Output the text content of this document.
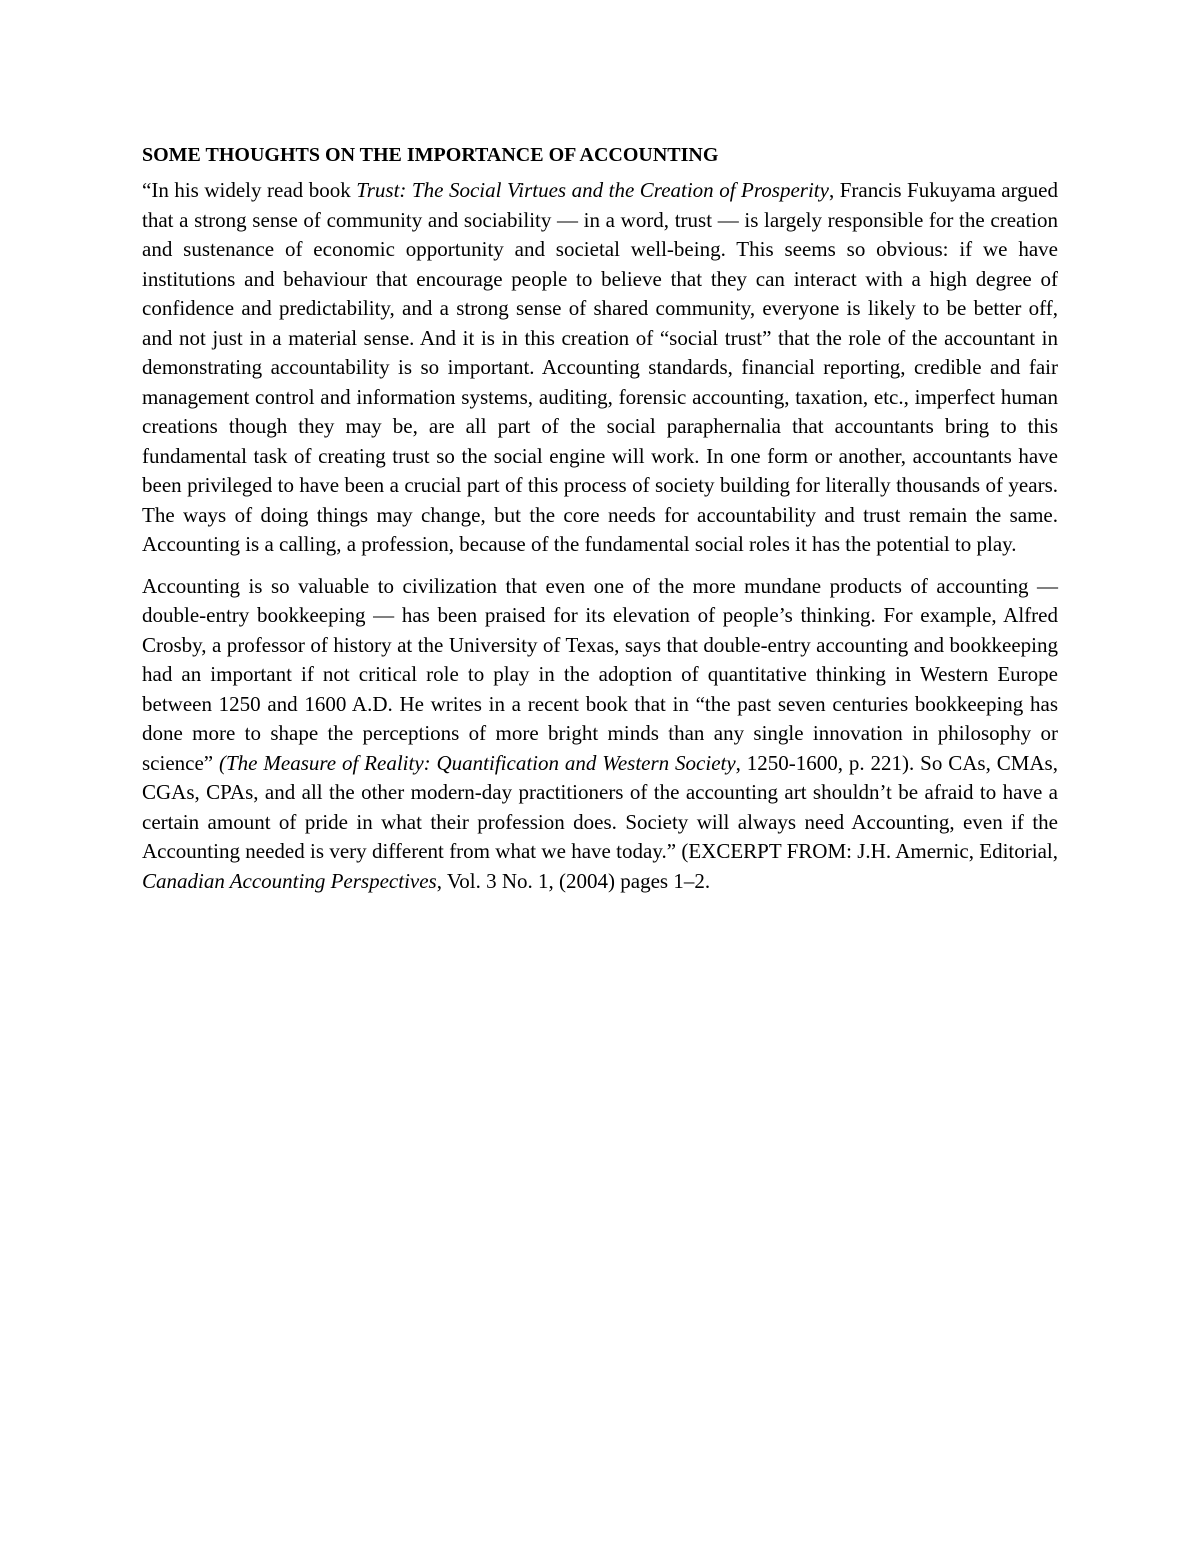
SOME THOUGHTS ON THE IMPORTANCE OF ACCOUNTING

“In his widely read book Trust: The Social Virtues and the Creation of Prosperity, Francis Fukuyama argued that a strong sense of community and sociability — in a word, trust — is largely responsible for the creation and sustenance of economic opportunity and societal well-being. This seems so obvious: if we have institutions and behaviour that encourage people to believe that they can interact with a high degree of confidence and predictability, and a strong sense of shared community, everyone is likely to be better off, and not just in a material sense. And it is in this creation of “social trust” that the role of the accountant in demonstrating accountability is so important. Accounting standards, financial reporting, credible and fair management control and information systems, auditing, forensic accounting, taxation, etc., imperfect human creations though they may be, are all part of the social paraphernalia that accountants bring to this fundamental task of creating trust so the social engine will work. In one form or another, accountants have been privileged to have been a crucial part of this process of society building for literally thousands of years. The ways of doing things may change, but the core needs for accountability and trust remain the same. Accounting is a calling, a profession, because of the fundamental social roles it has the potential to play.

Accounting is so valuable to civilization that even one of the more mundane products of accounting — double-entry bookkeeping — has been praised for its elevation of people’s thinking. For example, Alfred Crosby, a professor of history at the University of Texas, says that double-entry accounting and bookkeeping had an important if not critical role to play in the adoption of quantitative thinking in Western Europe between 1250 and 1600 A.D. He writes in a recent book that in “the past seven centuries bookkeeping has done more to shape the perceptions of more bright minds than any single innovation in philosophy or science” (The Measure of Reality: Quantification and Western Society, 1250-1600, p. 221). So CAs, CMAs, CGAs, CPAs, and all the other modern-day practitioners of the accounting art shouldn’t be afraid to have a certain amount of pride in what their profession does. Society will always need Accounting, even if the Accounting needed is very different from what we have today.” (EXCERPT FROM: J.H. Amernic, Editorial, Canadian Accounting Perspectives, Vol. 3 No. 1, (2004) pages 1–2.
